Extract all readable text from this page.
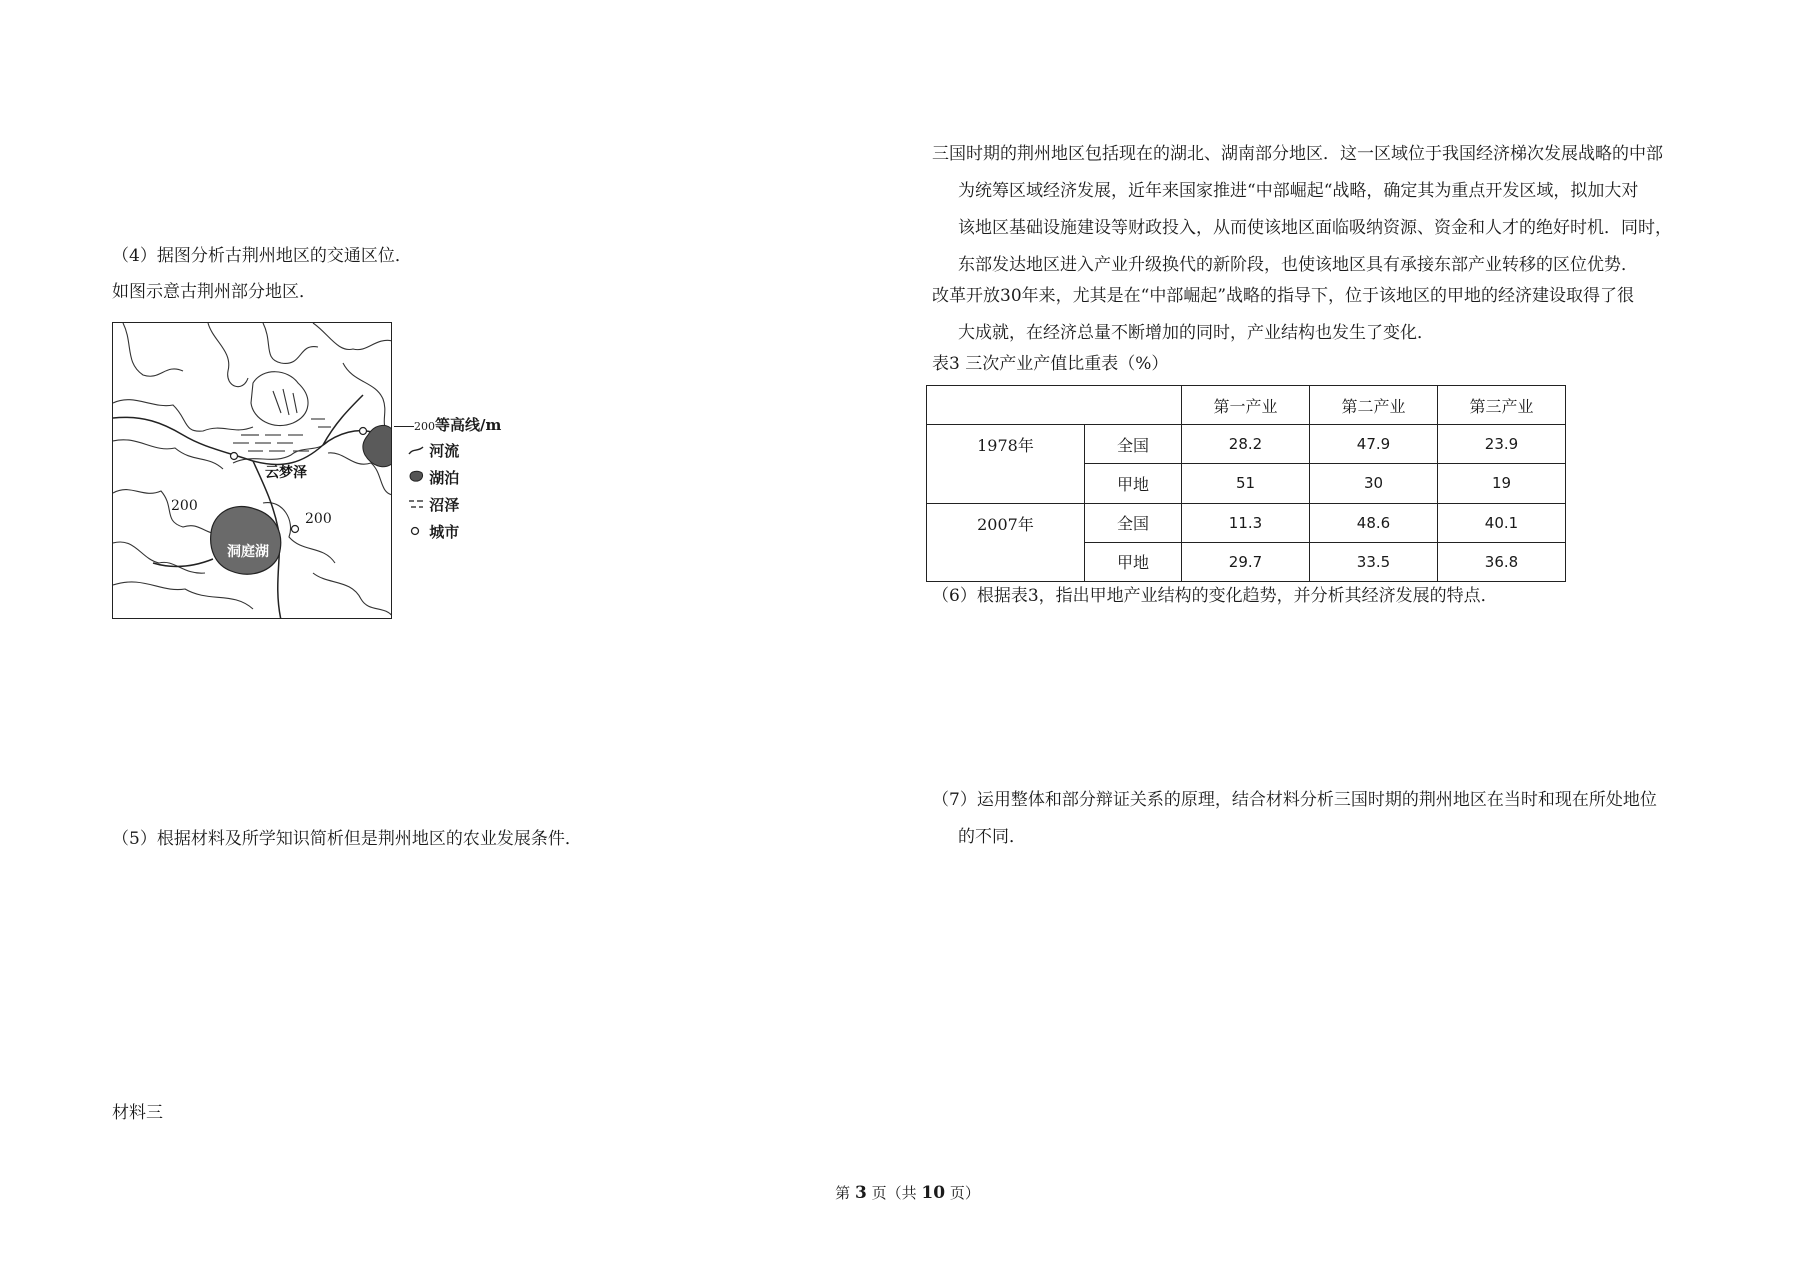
（4）据图分析古荆州地区的交通区位．
如图示意古荆州部分地区．
云梦泽
洞庭湖
200
200
200等高线/m
河流
湖泊
沼泽
城市
（5）根据材料及所学知识简析但是荆州地区的农业发展条件．
材料三
三国时期的荆州地区包括现在的湖北、湖南部分地区．这一区域位于我国经济梯次发展战略的中部
为统筹区域经济发展，近年来国家推进“中部崛起“战略，确定其为重点开发区域，拟加大对
该地区基础设施建设等财政投入，从而使该地区面临吸纳资源、资金和人才的绝好时机．同时，
东部发达地区进入产业升级换代的新阶段，也使该地区具有承接东部产业转移的区位优势．
改革开放30年来，尤其是在“中部崛起”战略的指导下，位于该地区的甲地的经济建设取得了很
大成就，在经济总量不断增加的同时，产业结构也发生了变化．
表3 三次产业产值比重表（%）
		第一产业	第二产业	第三产业
1978年	全国	28.2	47.9	23.9
	甲地	51	30	19
2007年	全国	11.3	48.6	40.1
	甲地	29.7	33.5	36.8
（6）根据表3，指出甲地产业结构的变化趋势，并分析其经济发展的特点．
（7）运用整体和部分辩证关系的原理，结合材料分析三国时期的荆州地区在当时和现在所处地位
的不同．
第 3 页（共 10 页）
